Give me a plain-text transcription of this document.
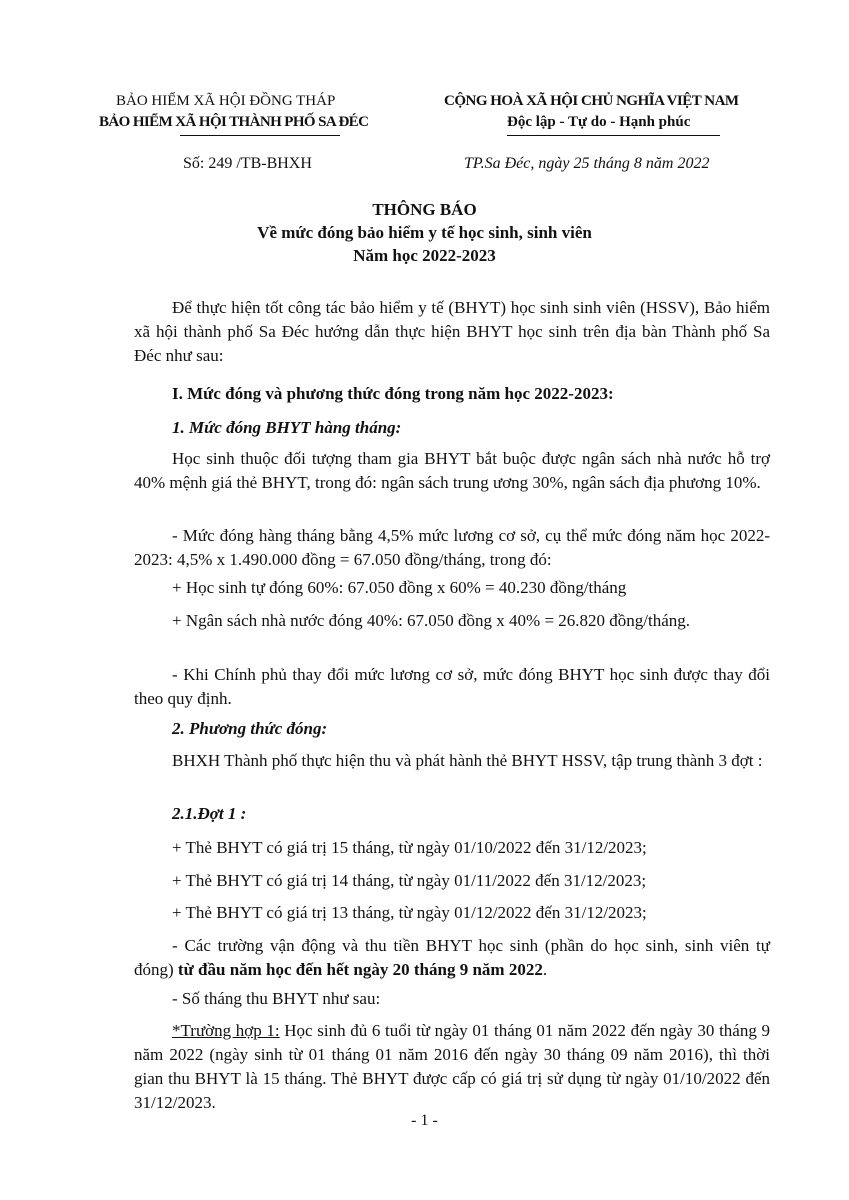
BẢO HIỂM XÃ HỘI ĐỒNG THÁP
BẢO HIỂM XÃ HỘI THÀNH PHỐ SA ĐÉC
CỘNG HOÀ XÃ HỘI CHỦ NGHĨA VIỆT NAM
Độc lập - Tự do - Hạnh phúc
Số: 249 /TB-BHXH	TP.Sa Đéc, ngày 25 tháng 8 năm 2022
THÔNG BÁO
Về mức đóng bảo hiểm y tế học sinh, sinh viên
Năm học 2022-2023

Để thực hiện tốt công tác bảo hiểm y tế (BHYT) học sinh sinh viên (HSSV), Bảo hiểm xã hội thành phố Sa Đéc hướng dẫn thực hiện BHYT học sinh trên địa bàn Thành phố Sa Đéc như sau:

I. Mức đóng và phương thức đóng trong năm học 2022-2023:

1. Mức đóng BHYT hàng tháng:

Học sinh thuộc đối tượng tham gia BHYT bắt buộc được ngân sách nhà nước hỗ trợ 40% mệnh giá thẻ BHYT, trong đó: ngân sách trung ương 30%, ngân sách địa phương 10%.

- Mức đóng hàng tháng bằng 4,5% mức lương cơ sở, cụ thể mức đóng năm học 2022-2023: 4,5% x 1.490.000 đồng = 67.050 đồng/tháng, trong đó:

+ Học sinh tự đóng 60%: 67.050 đồng x 60% = 40.230 đồng/tháng

+ Ngân sách nhà nước đóng 40%: 67.050 đồng x 40% = 26.820 đồng/tháng.

- Khi Chính phủ thay đổi mức lương cơ sở, mức đóng BHYT học sinh được thay đổi theo quy định.

2. Phương thức đóng:

BHXH Thành phố thực hiện thu và phát hành thẻ BHYT HSSV, tập trung thành 3 đợt :

2.1.Đợt 1 :

+ Thẻ BHYT có giá trị 15 tháng, từ ngày 01/10/2022 đến 31/12/2023;

+ Thẻ BHYT có giá trị 14 tháng, từ ngày 01/11/2022 đến 31/12/2023;

+ Thẻ BHYT có giá trị 13 tháng, từ ngày 01/12/2022 đến 31/12/2023;

- Các trường vận động và thu tiền BHYT học sinh (phần do học sinh, sinh viên tự đóng) từ đầu năm học đến hết ngày 20 tháng 9 năm 2022.

- Số tháng thu BHYT như sau:

*Trường hợp 1: Học sinh đủ 6 tuổi từ ngày 01 tháng 01 năm 2022 đến ngày 30 tháng 9 năm 2022 (ngày sinh từ 01 tháng 01 năm 2016 đến ngày 30 tháng 09 năm 2016), thì thời gian thu BHYT là 15 tháng. Thẻ BHYT được cấp có giá trị sử dụng từ ngày 01/10/2022 đến 31/12/2023.

- 1 -
